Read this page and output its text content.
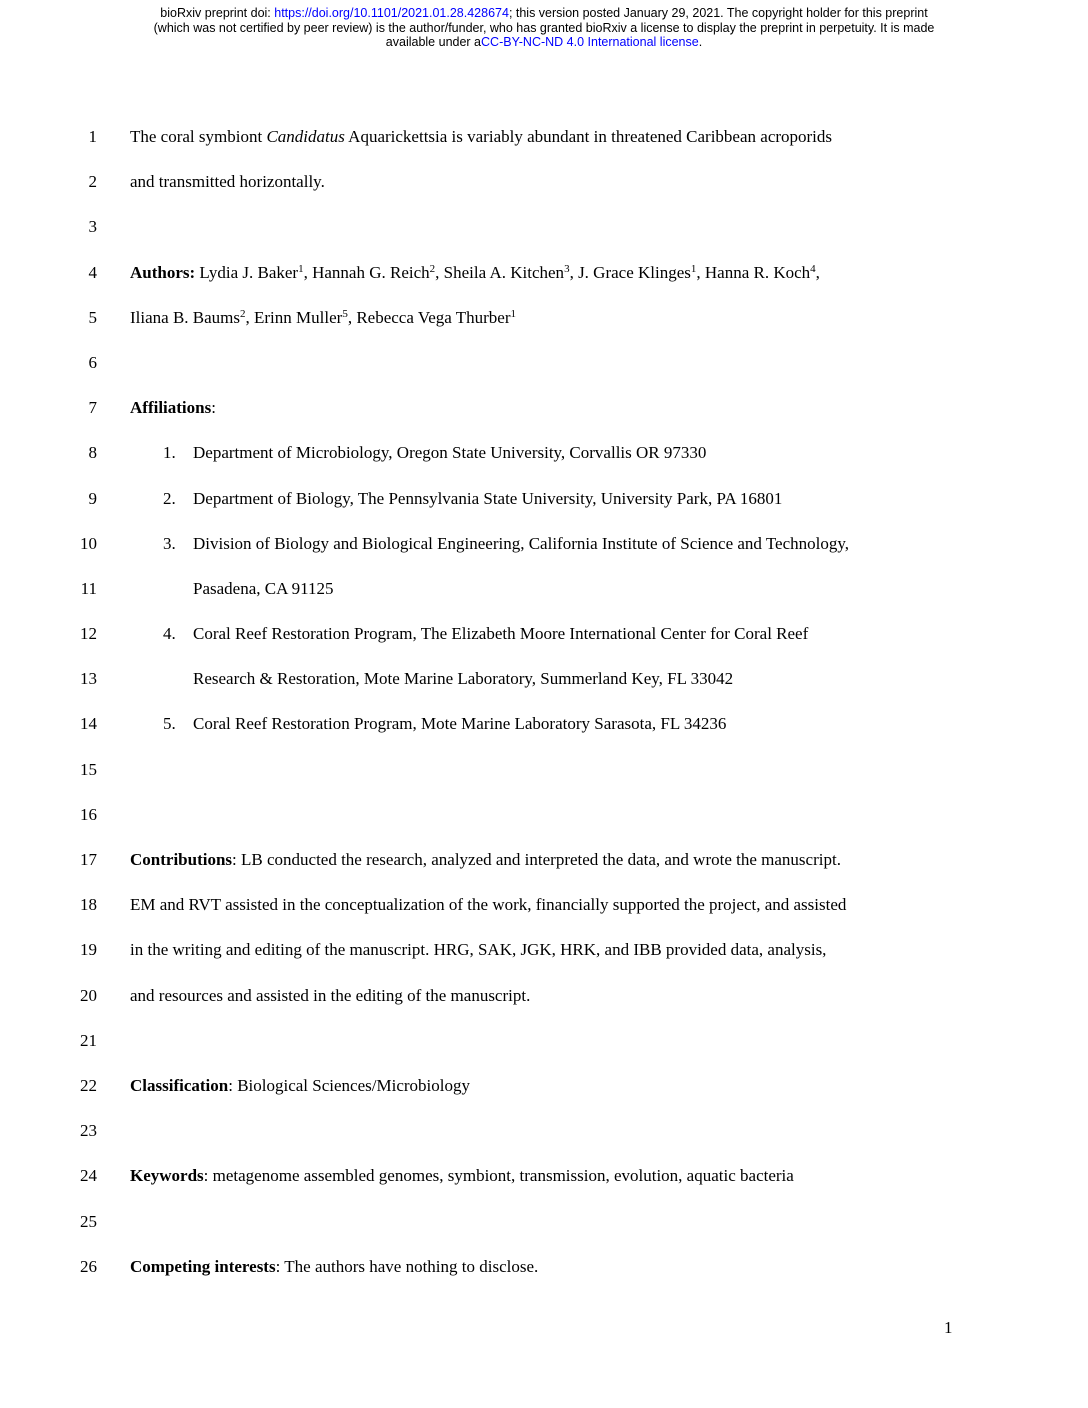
bioRxiv preprint doi: https://doi.org/10.1101/2021.01.28.428674; this version posted January 29, 2021. The copyright holder for this preprint
(which was not certified by peer review) is the author/funder, who has granted bioRxiv a license to display the preprint in perpetuity. It is made
available under aCC-BY-NC-ND 4.0 International license.
1	The coral symbiont Candidatus Aquarickettsia is variably abundant in threatened Caribbean acroporids
2	and transmitted horizontally.
3
4	Authors: Lydia J. Baker$^1$, Hannah G. Reich$^2$, Sheila A. Kitchen$^3$, J. Grace Klinges$^1$, Hanna R. Koch$^4$,
5	Iliana B. Baums$^2$, Erinn Muller$^5$, Rebecca Vega Thurber$^1$
6
7	Affiliations:
8	1. Department of Microbiology, Oregon State University, Corvallis OR 97330
9	2. Department of Biology, The Pennsylvania State University, University Park, PA 16801
10	3. Division of Biology and Biological Engineering, California Institute of Science and Technology,
11	Pasadena, CA 91125
12	4. Coral Reef Restoration Program, The Elizabeth Moore International Center for Coral Reef
13	Research & Restoration, Mote Marine Laboratory, Summerland Key, FL 33042
14	5. Coral Reef Restoration Program, Mote Marine Laboratory Sarasota, FL 34236
15
16
17	Contributions: LB conducted the research, analyzed and interpreted the data, and wrote the manuscript.
18	EM and RVT assisted in the conceptualization of the work, financially supported the project, and assisted
19	in the writing and editing of the manuscript. HRG, SAK, JGK, HRK, and IBB provided data, analysis,
20	and resources and assisted in the editing of the manuscript.
21
22	Classification: Biological Sciences/Microbiology
23
24	Keywords: metagenome assembled genomes, symbiont, transmission, evolution, aquatic bacteria
25
26	Competing interests: The authors have nothing to disclose.
1
